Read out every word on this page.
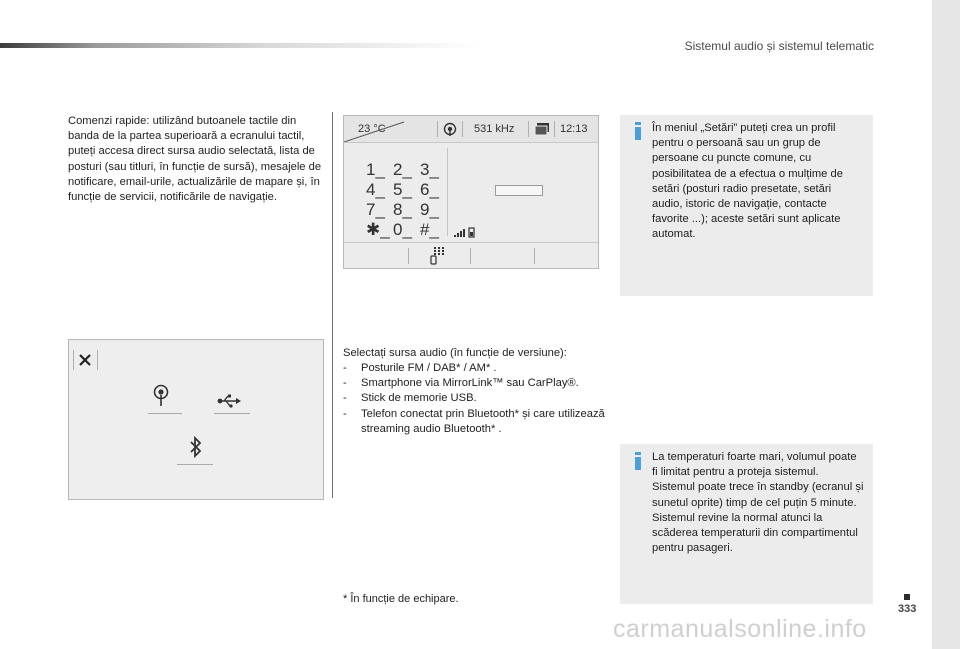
Sistemul audio și sistemul telematic
Comenzi rapide: utilizând butoanele tactile din banda de la partea superioară a ecranului tactil, puteți accesa direct sursa audio selectată, lista de posturi (sau titluri, în funcție de sursă), mesajele de notificare, email-urile, actualizările de mapare și, în funcție de servicii, notificările de navigație.
23 °C	531 kHz	12:13
1_ 2_ 3_
4_ 5_ 6_
7_ 8_ 9_
✱_ 0_ #_
Selectați sursa audio (în funcție de versiune):
-	Posturile FM / DAB* / AM* .
-	Smartphone via MirrorLink™ sau CarPlay®.
-	Stick de memorie USB.
-	Telefon conectat prin Bluetooth* și care utilizează streaming audio Bluetooth* .
În meniul „Setări” puteți crea un profil pentru o persoană sau un grup de persoane cu puncte comune, cu posibilitatea de a efectua o mulțime de setări (posturi radio presetate, setări audio, istoric de navigație, contacte favorite ...); aceste setări sunt aplicate automat.
La temperaturi foarte mari, volumul poate fi limitat pentru a proteja sistemul. Sistemul poate trece în standby (ecranul și sunetul oprite) timp de cel puțin 5 minute. Sistemul revine la normal atunci la scăderea temperaturii din compartimentul pentru pasageri.
* În funcție de echipare.
333
carmanualsonline.info
